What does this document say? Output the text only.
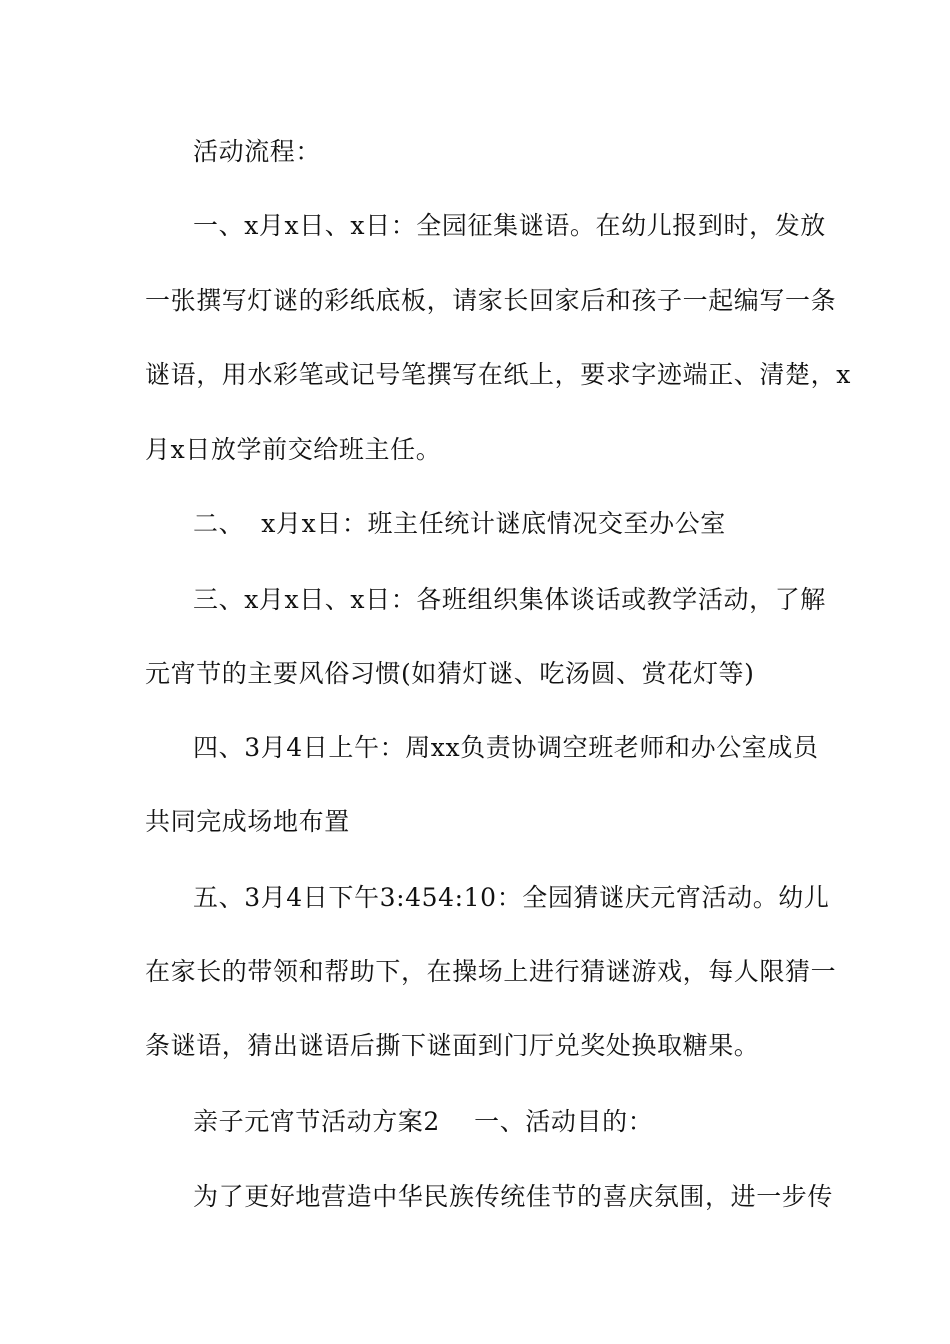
活动流程：
一、x月x日、x日：全园征集谜语。在幼儿报到时，发放
一张撰写灯谜的彩纸底板，请家长回家后和孩子一起编写一条
谜语，用水彩笔或记号笔撰写在纸上，要求字迹端正、清楚，x
月x日放学前交给班主任。
二、  x月x日：班主任统计谜底情况交至办公室
三、x月x日、x日：各班组织集体谈话或教学活动，了解
元宵节的主要风俗习惯(如猜灯谜、吃汤圆、赏花灯等)
四、3月4日上午：周xx负责协调空班老师和办公室成员
共同完成场地布置
五、3月4日下午3:454:10：全园猜谜庆元宵活动。幼儿
在家长的带领和帮助下，在操场上进行猜谜游戏，每人限猜一
条谜语，猜出谜语后撕下谜面到门厅兑奖处换取糖果。
亲子元宵节活动方案2    一、活动目的：
为了更好地营造中华民族传统佳节的喜庆氛围，进一步传
